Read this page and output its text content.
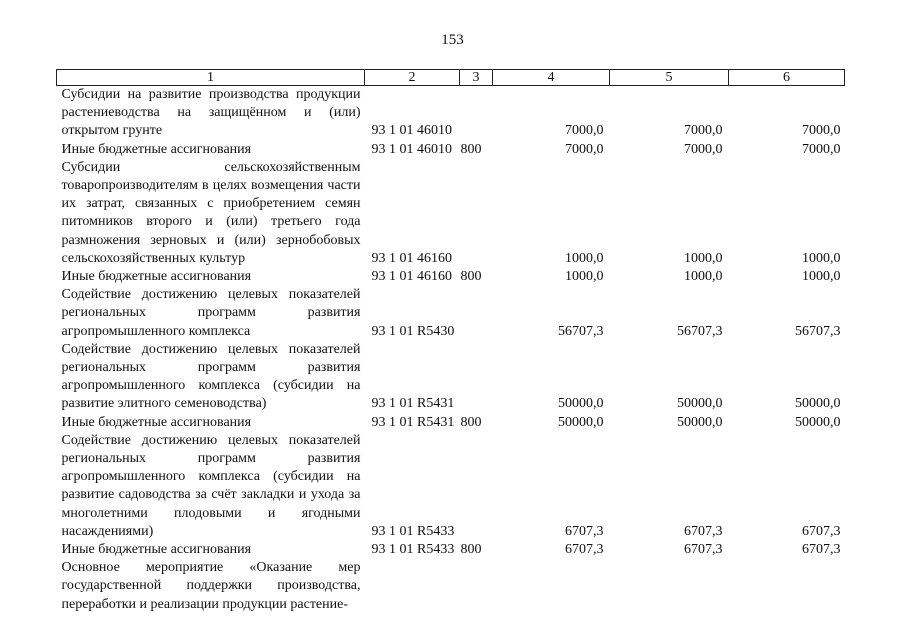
153
1	2	3	4	5	6
Субсидии на развитие производства продукции растениеводства на защищённом и (или) открытом грунте	93 1 01 46010		7000,0	7000,0	7000,0
Иные бюджетные ассигнования	93 1 01 46010	800	7000,0	7000,0	7000,0
Субсидии сельскохозяйственным товаропроизводителям в целях возмещения части их затрат, связанных с приобретением семян питомников второго и (или) третьего года размножения зерновых и (или) зернобобовых сельскохозяйственных культур	93 1 01 46160		1000,0	1000,0	1000,0
Иные бюджетные ассигнования	93 1 01 46160	800	1000,0	1000,0	1000,0
Содействие достижению целевых показателей региональных программ развития агропромышленного комплекса	93 1 01 R5430		56707,3	56707,3	56707,3
Содействие достижению целевых показателей региональных программ развития агропромышленного комплекса (субсидии на развитие элитного семеноводства)	93 1 01 R5431		50000,0	50000,0	50000,0
Иные бюджетные ассигнования	93 1 01 R5431	800	50000,0	50000,0	50000,0
Содействие достижению целевых показателей региональных программ развития агропромышленного комплекса (субсидии на развитие садоводства за счёт закладки и ухода за многолетними плодовыми и ягодными насаждениями)	93 1 01 R5433		6707,3	6707,3	6707,3
Иные бюджетные ассигнования	93 1 01 R5433	800	6707,3	6707,3	6707,3
Основное мероприятие «Оказание мер государственной поддержки производства, переработки и реализации продукции растение-					
